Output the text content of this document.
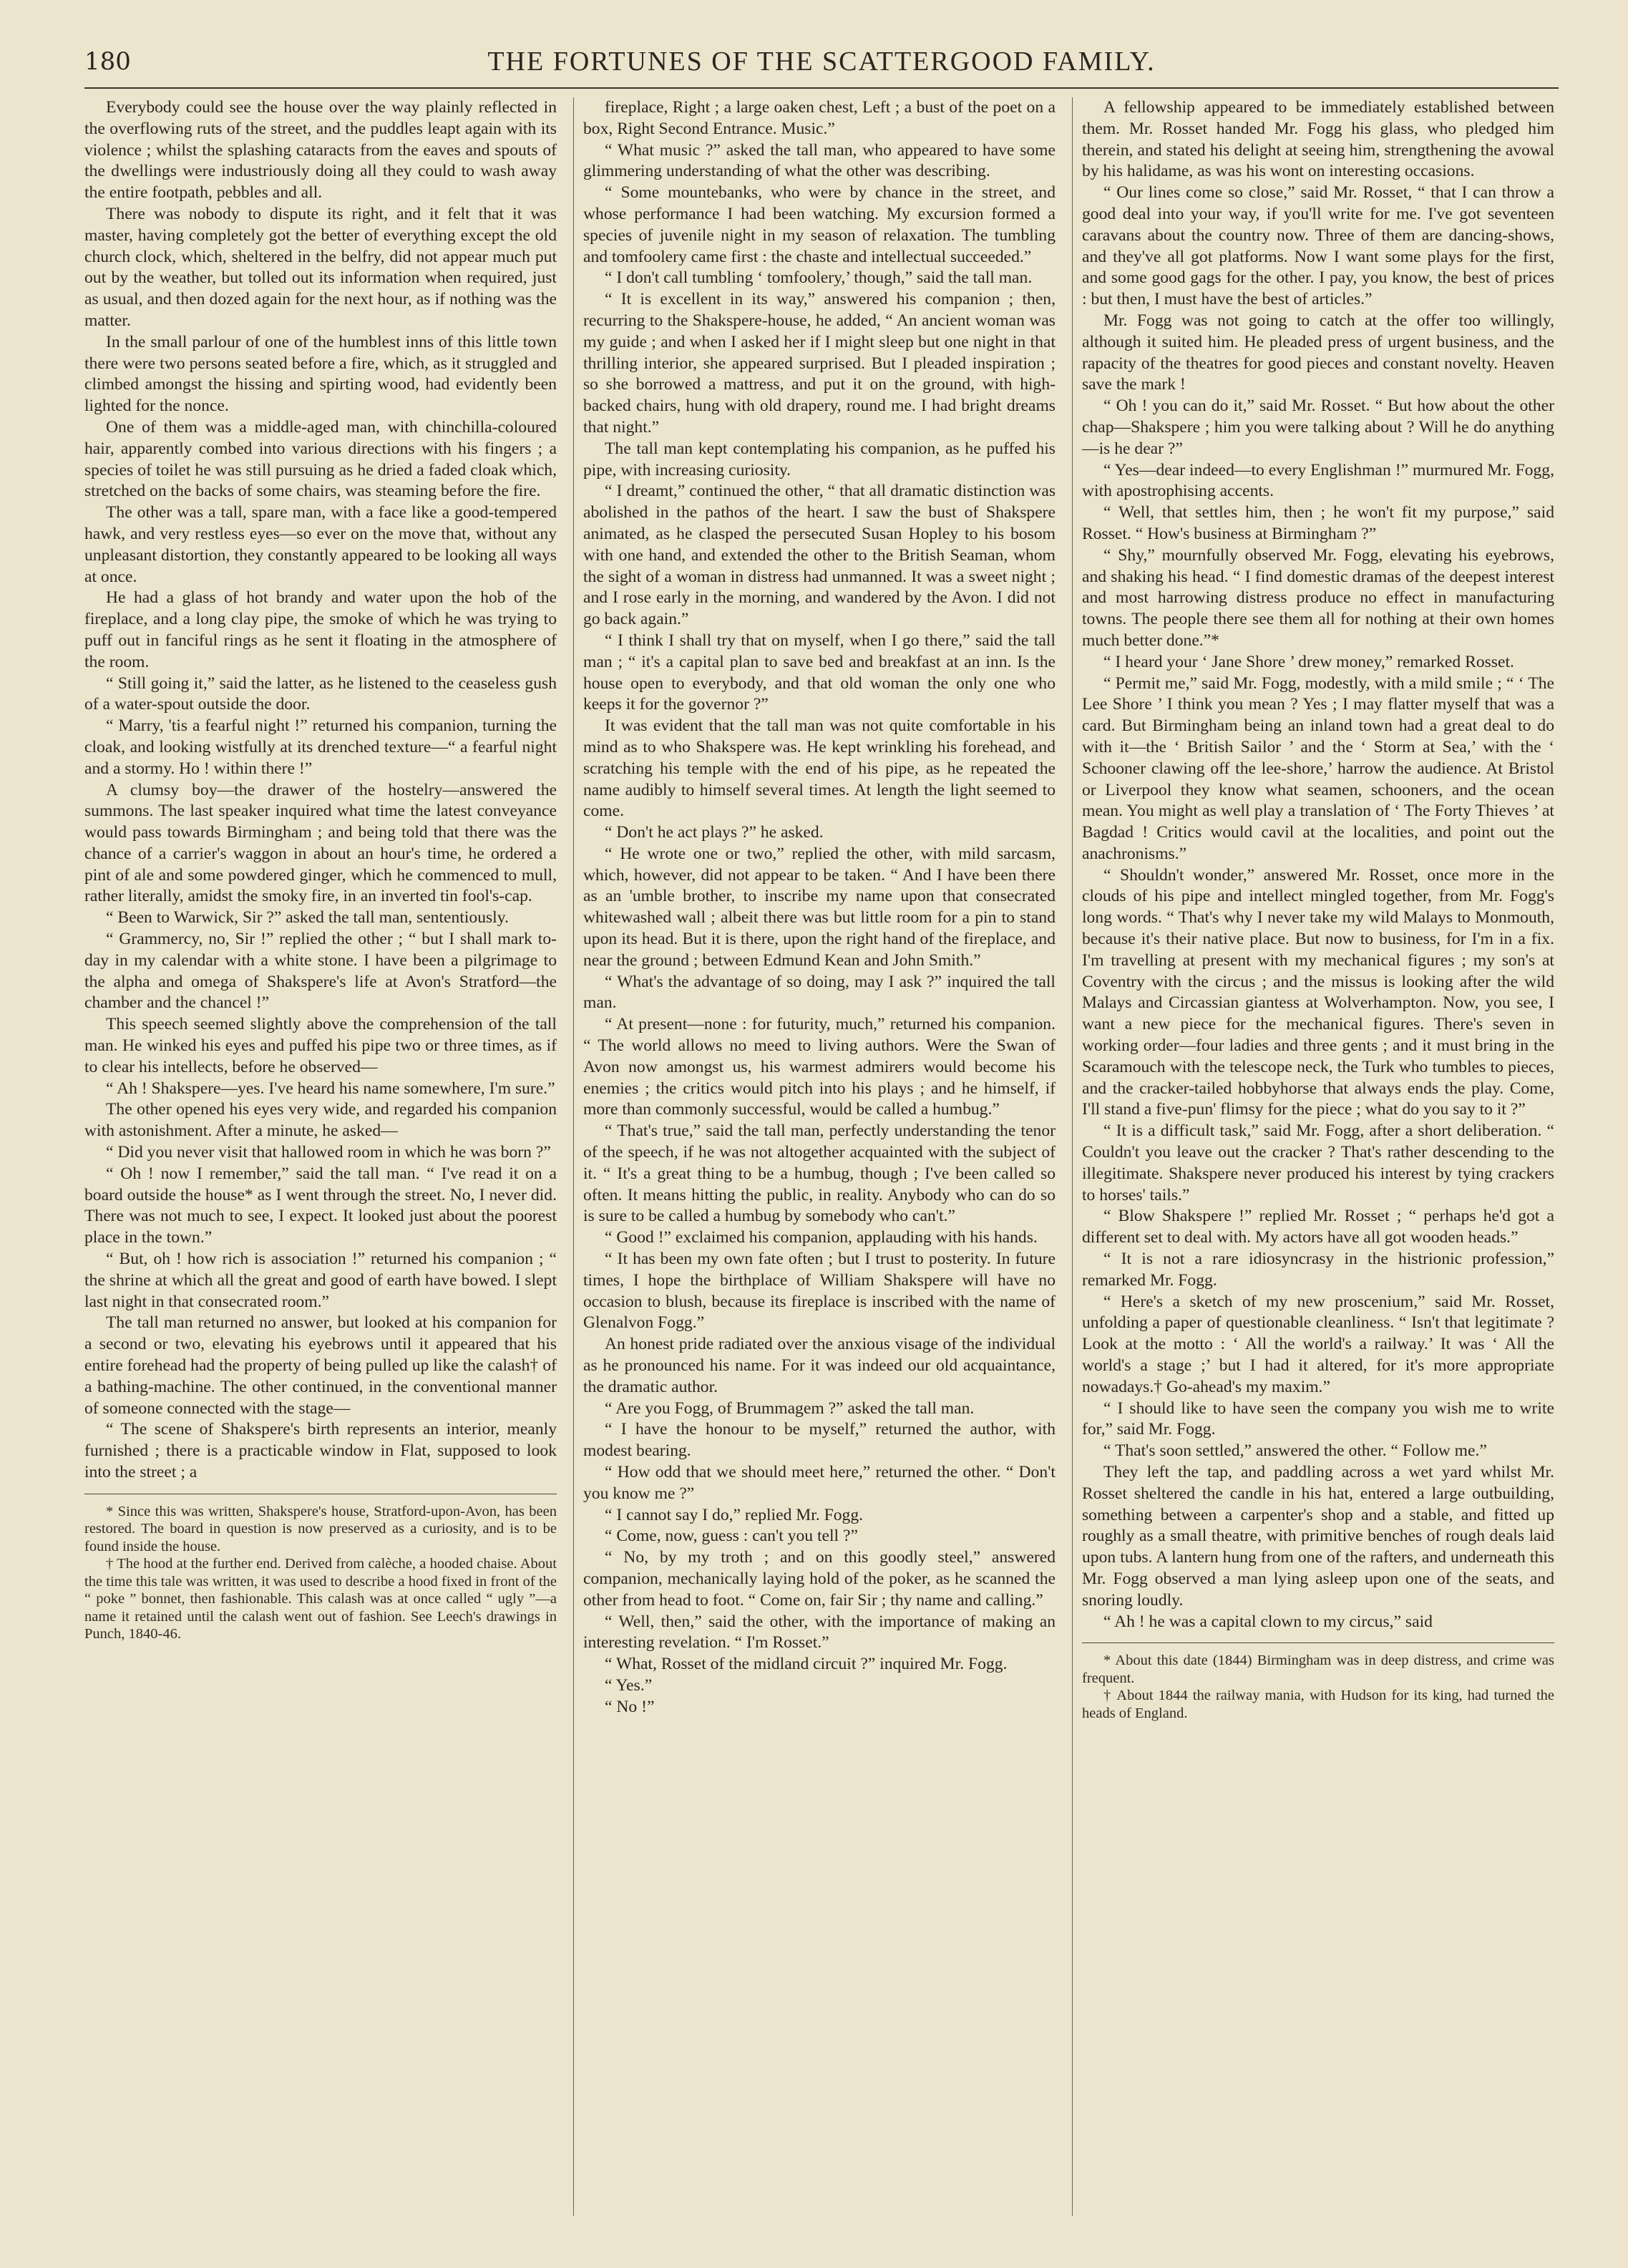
180	THE FORTUNES OF THE SCATTERGOOD FAMILY.

Everybody could see the house over the way plainly reflected in the overflowing ruts of the street, and the puddles leapt again with its violence ; whilst the splashing cataracts from the eaves and spouts of the dwellings were industriously doing all they could to wash away the entire footpath, pebbles and all.

There was nobody to dispute its right, and it felt that it was master, having completely got the better of everything except the old church clock, which, sheltered in the belfry, did not appear much put out by the weather, but tolled out its information when required, just as usual, and then dozed again for the next hour, as if nothing was the matter.

In the small parlour of one of the humblest inns of this little town there were two persons seated before a fire, which, as it struggled and climbed amongst the hissing and spirting wood, had evidently been lighted for the nonce.

One of them was a middle-aged man, with chinchilla-coloured hair, apparently combed into various directions with his fingers ; a species of toilet he was still pursuing as he dried a faded cloak which, stretched on the backs of some chairs, was steaming before the fire.

The other was a tall, spare man, with a face like a good-tempered hawk, and very restless eyes—so ever on the move that, without any unpleasant distortion, they constantly appeared to be looking all ways at once.

He had a glass of hot brandy and water upon the hob of the fireplace, and a long clay pipe, the smoke of which he was trying to puff out in fanciful rings as he sent it floating in the atmosphere of the room.

“ Still going it,” said the latter, as he listened to the ceaseless gush of a water-spout outside the door.

“ Marry, 'tis a fearful night !” returned his companion, turning the cloak, and looking wistfully at its drenched texture—“ a fearful night and a stormy. Ho ! within there !”

A clumsy boy—the drawer of the hostelry—answered the summons. The last speaker inquired what time the latest conveyance would pass towards Birmingham ; and being told that there was the chance of a carrier's waggon in about an hour's time, he ordered a pint of ale and some powdered ginger, which he commenced to mull, rather literally, amidst the smoky fire, in an inverted tin fool's-cap.

“ Been to Warwick, Sir ?” asked the tall man, sententiously.

“ Grammercy, no, Sir !” replied the other ; “ but I shall mark to-day in my calendar with a white stone. I have been a pilgrimage to the alpha and omega of Shakspere's life at Avon's Stratford—the chamber and the chancel !”

This speech seemed slightly above the comprehension of the tall man. He winked his eyes and puffed his pipe two or three times, as if to clear his intellects, before he observed—

“ Ah ! Shakspere—yes. I've heard his name somewhere, I'm sure.”

The other opened his eyes very wide, and regarded his companion with astonishment. After a minute, he asked—

“ Did you never visit that hallowed room in which he was born ?”

“ Oh ! now I remember,” said the tall man. “ I've read it on a board outside the house* as I went through the street. No, I never did. There was not much to see, I expect. It looked just about the poorest place in the town.”

“ But, oh ! how rich is association !” returned his companion ; “ the shrine at which all the great and good of earth have bowed. I slept last night in that consecrated room.”

The tall man returned no answer, but looked at his companion for a second or two, elevating his eyebrows until it appeared that his entire forehead had the property of being pulled up like the calash† of a bathing-machine. The other continued, in the conventional manner of someone connected with the stage—

“ The scene of Shakspere's birth represents an interior, meanly furnished ; there is a practicable window in Flat, supposed to look into the street ; a

* Since this was written, Shakspere's house, Stratford-upon-Avon, has been restored. The board in question is now preserved as a curiosity, and is to be found inside the house.

† The hood at the further end. Derived from calèche, a hooded chaise. About the time this tale was written, it was used to describe a hood fixed in front of the “ poke ” bonnet, then fashionable. This calash was at once called “ ugly ”—a name it retained until the calash went out of fashion. See Leech's drawings in Punch, 1840-46.

fireplace, Right ; a large oaken chest, Left ; a bust of the poet on a box, Right Second Entrance. Music.”

“ What music ?” asked the tall man, who appeared to have some glimmering understanding of what the other was describing.

“ Some mountebanks, who were by chance in the street, and whose performance I had been watching. My excursion formed a species of juvenile night in my season of relaxation. The tumbling and tomfoolery came first : the chaste and intellectual succeeded.”

“ I don't call tumbling ‘ tomfoolery,’ though,” said the tall man.

“ It is excellent in its way,” answered his companion ; then, recurring to the Shakspere-house, he added, “ An ancient woman was my guide ; and when I asked her if I might sleep but one night in that thrilling interior, she appeared surprised. But I pleaded inspiration ; so she borrowed a mattress, and put it on the ground, with high-backed chairs, hung with old drapery, round me. I had bright dreams that night.”

The tall man kept contemplating his companion, as he puffed his pipe, with increasing curiosity.

“ I dreamt,” continued the other, “ that all dramatic distinction was abolished in the pathos of the heart. I saw the bust of Shakspere animated, as he clasped the persecuted Susan Hopley to his bosom with one hand, and extended the other to the British Seaman, whom the sight of a woman in distress had unmanned. It was a sweet night ; and I rose early in the morning, and wandered by the Avon. I did not go back again.”

“ I think I shall try that on myself, when I go there,” said the tall man ; “ it's a capital plan to save bed and breakfast at an inn. Is the house open to everybody, and that old woman the only one who keeps it for the governor ?”

It was evident that the tall man was not quite comfortable in his mind as to who Shakspere was. He kept wrinkling his forehead, and scratching his temple with the end of his pipe, as he repeated the name audibly to himself several times. At length the light seemed to come.

“ Don't he act plays ?” he asked.

“ He wrote one or two,” replied the other, with mild sarcasm, which, however, did not appear to be taken. “ And I have been there as an 'umble brother, to inscribe my name upon that consecrated whitewashed wall ; albeit there was but little room for a pin to stand upon its head. But it is there, upon the right hand of the fireplace, and near the ground ; between Edmund Kean and John Smith.”

“ What's the advantage of so doing, may I ask ?” inquired the tall man.

“ At present—none : for futurity, much,” returned his companion. “ The world allows no meed to living authors. Were the Swan of Avon now amongst us, his warmest admirers would become his enemies ; the critics would pitch into his plays ; and he himself, if more than commonly successful, would be called a humbug.”

“ That's true,” said the tall man, perfectly understanding the tenor of the speech, if he was not altogether acquainted with the subject of it. “ It's a great thing to be a humbug, though ; I've been called so often. It means hitting the public, in reality. Anybody who can do so is sure to be called a humbug by somebody who can't.”

“ Good !” exclaimed his companion, applauding with his hands.

“ It has been my own fate often ; but I trust to posterity. In future times, I hope the birthplace of William Shakspere will have no occasion to blush, because its fireplace is inscribed with the name of Glenalvon Fogg.”

An honest pride radiated over the anxious visage of the individual as he pronounced his name. For it was indeed our old acquaintance, the dramatic author.

“ Are you Fogg, of Brummagem ?” asked the tall man.

“ I have the honour to be myself,” returned the author, with modest bearing.

“ How odd that we should meet here,” returned the other. “ Don't you know me ?”

“ I cannot say I do,” replied Mr. Fogg.

“ Come, now, guess : can't you tell ?”

“ No, by my troth ; and on this goodly steel,” answered companion, mechanically laying hold of the poker, as he scanned the other from head to foot. “ Come on, fair Sir ; thy name and calling.”

“ Well, then,” said the other, with the importance of making an interesting revelation. “ I'm Rosset.”

“ What, Rosset of the midland circuit ?” inquired Mr. Fogg.

“ Yes.”

“ No !”

A fellowship appeared to be immediately established between them. Mr. Rosset handed Mr. Fogg his glass, who pledged him therein, and stated his delight at seeing him, strengthening the avowal by his halidame, as was his wont on interesting occasions.

“ Our lines come so close,” said Mr. Rosset, “ that I can throw a good deal into your way, if you'll write for me. I've got seventeen caravans about the country now. Three of them are dancing-shows, and they've all got platforms. Now I want some plays for the first, and some good gags for the other. I pay, you know, the best of prices : but then, I must have the best of articles.”

Mr. Fogg was not going to catch at the offer too willingly, although it suited him. He pleaded press of urgent business, and the rapacity of the theatres for good pieces and constant novelty. Heaven save the mark !

“ Oh ! you can do it,” said Mr. Rosset. “ But how about the other chap—Shakspere ; him you were talking about ? Will he do anything—is he dear ?”

“ Yes—dear indeed—to every Englishman !” murmured Mr. Fogg, with apostrophising accents.

“ Well, that settles him, then ; he won't fit my purpose,” said Rosset. “ How's business at Birmingham ?”

“ Shy,” mournfully observed Mr. Fogg, elevating his eyebrows, and shaking his head. “ I find domestic dramas of the deepest interest and most harrowing distress produce no effect in manufacturing towns. The people there see them all for nothing at their own homes much better done.”*

“ I heard your ‘ Jane Shore ’ drew money,” remarked Rosset.

“ Permit me,” said Mr. Fogg, modestly, with a mild smile ; “ ‘ The Lee Shore ’ I think you mean ? Yes ; I may flatter myself that was a card. But Birmingham being an inland town had a great deal to do with it—the ‘ British Sailor ’ and the ‘ Storm at Sea,’ with the ‘ Schooner clawing off the lee-shore,’ harrow the audience. At Bristol or Liverpool they know what seamen, schooners, and the ocean mean. You might as well play a translation of ‘ The Forty Thieves ’ at Bagdad ! Critics would cavil at the localities, and point out the anachronisms.”

“ Shouldn't wonder,” answered Mr. Rosset, once more in the clouds of his pipe and intellect mingled together, from Mr. Fogg's long words. “ That's why I never take my wild Malays to Monmouth, because it's their native place. But now to business, for I'm in a fix. I'm travelling at present with my mechanical figures ; my son's at Coventry with the circus ; and the missus is looking after the wild Malays and Circassian giantess at Wolverhampton. Now, you see, I want a new piece for the mechanical figures. There's seven in working order—four ladies and three gents ; and it must bring in the Scaramouch with the telescope neck, the Turk who tumbles to pieces, and the cracker-tailed hobbyhorse that always ends the play. Come, I'll stand a five-pun' flimsy for the piece ; what do you say to it ?”

“ It is a difficult task,” said Mr. Fogg, after a short deliberation. “ Couldn't you leave out the cracker ? That's rather descending to the illegitimate. Shakspere never produced his interest by tying crackers to horses' tails.”

“ Blow Shakspere !” replied Mr. Rosset ; “ perhaps he'd got a different set to deal with. My actors have all got wooden heads.”

“ It is not a rare idiosyncrasy in the histrionic profession,” remarked Mr. Fogg.

“ Here's a sketch of my new proscenium,” said Mr. Rosset, unfolding a paper of questionable cleanliness. “ Isn't that legitimate ? Look at the motto : ‘ All the world's a railway.’ It was ‘ All the world's a stage ;’ but I had it altered, for it's more appropriate nowadays.† Go-ahead's my maxim.”

“ I should like to have seen the company you wish me to write for,” said Mr. Fogg.

“ That's soon settled,” answered the other. “ Follow me.”

They left the tap, and paddling across a wet yard whilst Mr. Rosset sheltered the candle in his hat, entered a large outbuilding, something between a carpenter's shop and a stable, and fitted up roughly as a small theatre, with primitive benches of rough deals laid upon tubs. A lantern hung from one of the rafters, and underneath this Mr. Fogg observed a man lying asleep upon one of the seats, and snoring loudly.

“ Ah ! he was a capital clown to my circus,” said

* About this date (1844) Birmingham was in deep distress, and crime was frequent.

† About 1844 the railway mania, with Hudson for its king, had turned the heads of England.
